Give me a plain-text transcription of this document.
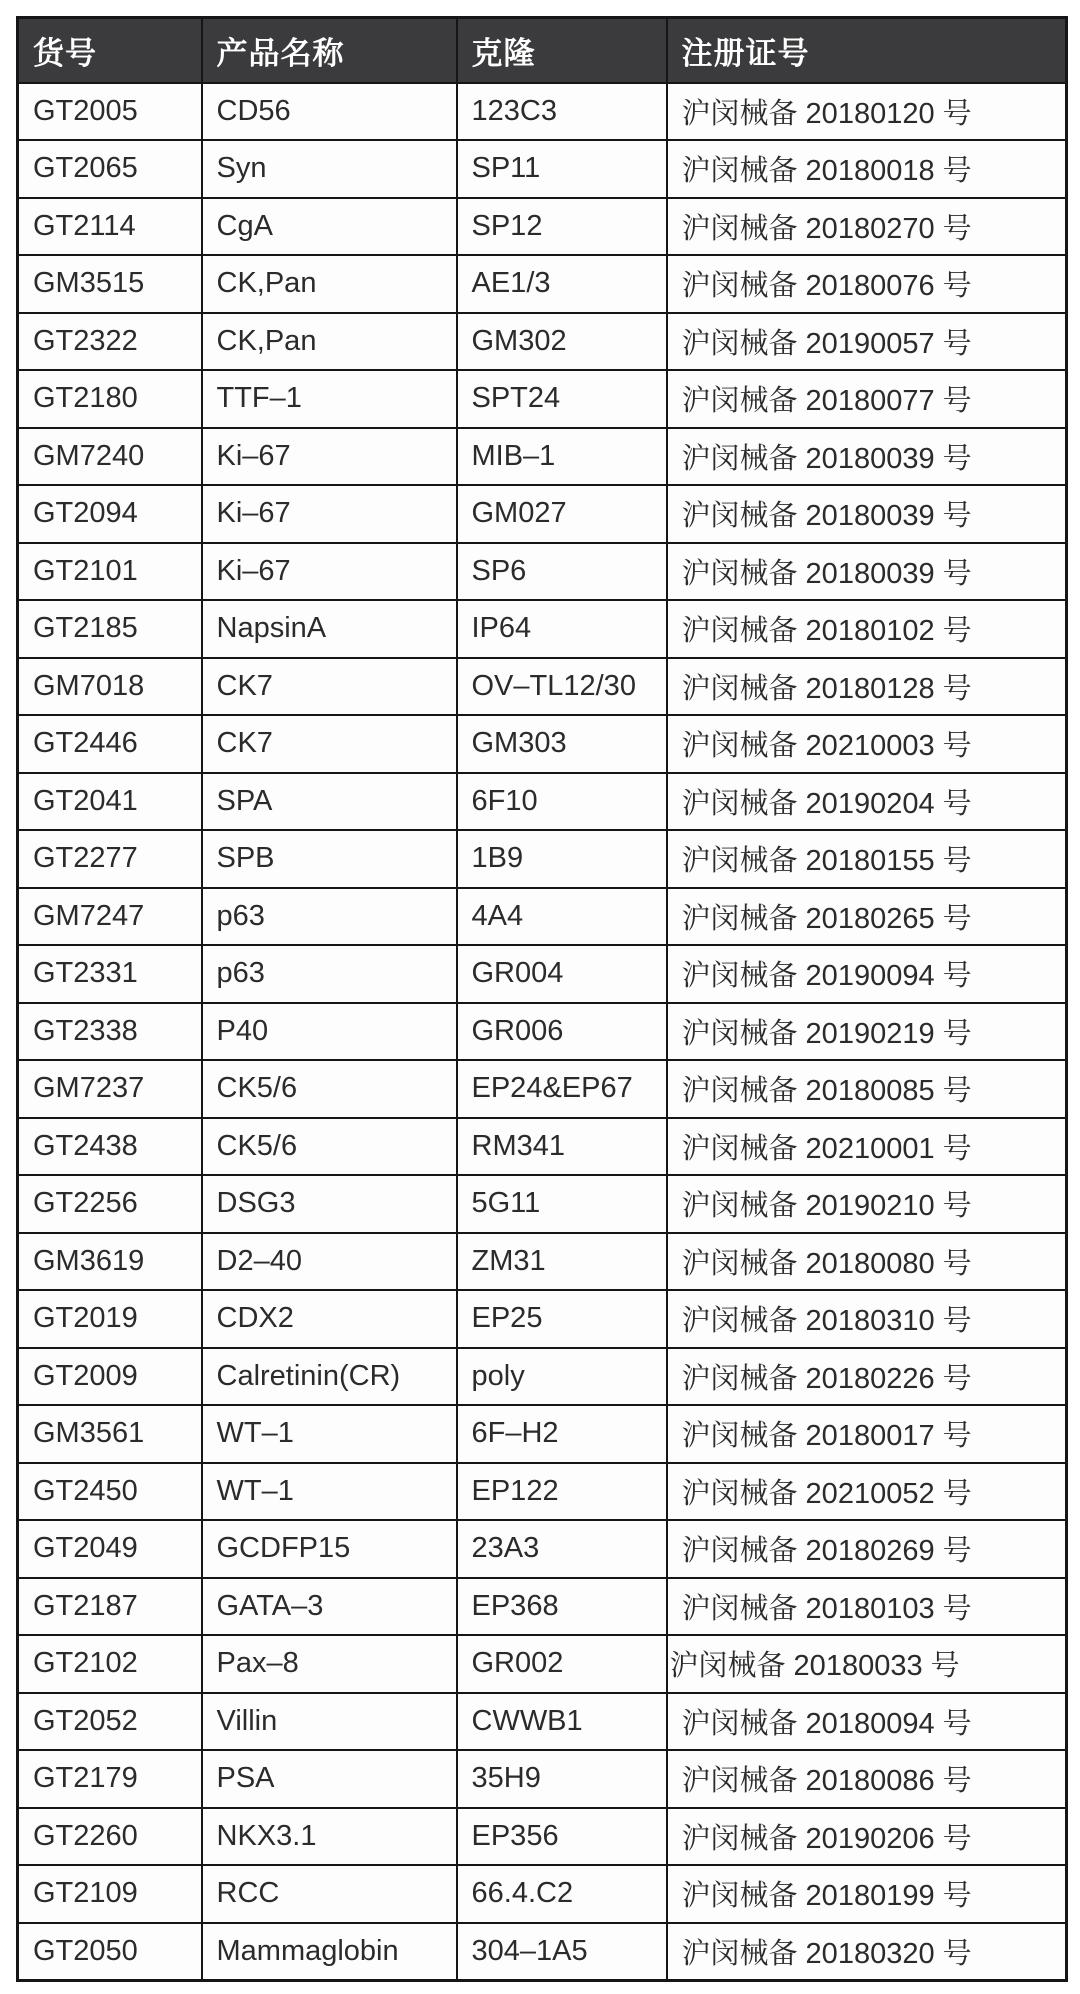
货号	产品名称	克隆	注册证号
GT2005	CD56	123C3	沪闵械备 20180120 号
GT2065	Syn	SP11	沪闵械备 20180018 号
GT2114	CgA	SP12	沪闵械备 20180270 号
GM3515	CK,Pan	AE1/3	沪闵械备 20180076 号
GT2322	CK,Pan	GM302	沪闵械备 20190057 号
GT2180	TTF–1	SPT24	沪闵械备 20180077 号
GM7240	Ki–67	MIB–1	沪闵械备 20180039 号
GT2094	Ki–67	GM027	沪闵械备 20180039 号
GT2101	Ki–67	SP6	沪闵械备 20180039 号
GT2185	NapsinA	IP64	沪闵械备 20180102 号
GM7018	CK7	OV–TL12/30	沪闵械备 20180128 号
GT2446	CK7	GM303	沪闵械备 20210003 号
GT2041	SPA	6F10	沪闵械备 20190204 号
GT2277	SPB	1B9	沪闵械备 20180155 号
GM7247	p63	4A4	沪闵械备 20180265 号
GT2331	p63	GR004	沪闵械备 20190094 号
GT2338	P40	GR006	沪闵械备 20190219 号
GM7237	CK5/6	EP24&EP67	沪闵械备 20180085 号
GT2438	CK5/6	RM341	沪闵械备 20210001 号
GT2256	DSG3	5G11	沪闵械备 20190210 号
GM3619	D2–40	ZM31	沪闵械备 20180080 号
GT2019	CDX2	EP25	沪闵械备 20180310 号
GT2009	Calretinin(CR)	poly	沪闵械备 20180226 号
GM3561	WT–1	6F–H2	沪闵械备 20180017 号
GT2450	WT–1	EP122	沪闵械备 20210052 号
GT2049	GCDFP15	23A3	沪闵械备 20180269 号
GT2187	GATA–3	EP368	沪闵械备 20180103 号
GT2102	Pax–8	GR002	沪闵械备 20180033 号
GT2052	Villin	CWWB1	沪闵械备 20180094 号
GT2179	PSA	35H9	沪闵械备 20180086 号
GT2260	NKX3.1	EP356	沪闵械备 20190206 号
GT2109	RCC	66.4.C2	沪闵械备 20180199 号
GT2050	Mammaglobin	304–1A5	沪闵械备 20180320 号
